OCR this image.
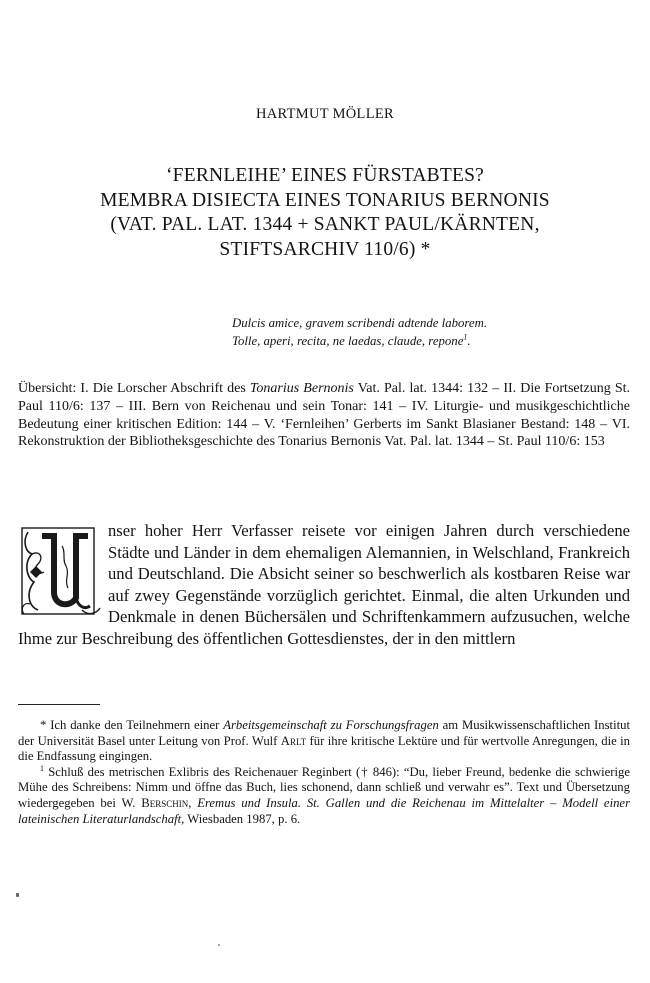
HARTMUT MÖLLER
‘FERNLEIHE’ EINES FÜRSTABTES?
MEMBRA DISIECTA EINES TONARIUS BERNONIS
(VAT. PAL. LAT. 1344 + SANKT PAUL/KÄRNTEN,
STIFTSARCHIV 110/6) *
Dulcis amice, gravem scribendi adtende laborem.
Tolle, aperi, recita, ne laedas, claude, repone$^1$.

Übersicht: I. Die Lorscher Abschrift des Tonarius Bernonis Vat. Pal. lat. 1344: 132 – II. Die Fortsetzung St. Paul 110/6: 137 – III. Bern von Reichenau und sein Tonar: 141 – IV. Liturgie- und musikgeschichtliche Bedeutung einer kritischen Edition: 144 – V. ‘Fernleihen’ Gerberts im Sankt Blasianer Bestand: 148 – VI. Rekonstruktion der Bibliotheksgeschichte des Tonarius Bernonis Vat. Pal. lat. 1344 – St. Paul 110/6: 153

U

nser hoher Herr Verfasser reisete vor einigen Jahren durch verschiedene Städte und Länder in dem ehemaligen Alemannien, in Welschland, Frankreich und Deutschland. Die Absicht seiner so beschwerlich als kostbaren Reise war auf zwey Gegenstände vorzüglich gerichtet. Einmal, die alten Urkunden und Denkmale in denen Büchersälen und Schriftenkammern aufzusuchen, welche Ihme zur Beschreibung des öffentlichen Gottesdienstes, der in den mittlern

* Ich danke den Teilnehmern einer Arbeitsgemeinschaft zu Forschungsfragen am Musikwissenschaftlichen Institut der Universität Basel unter Leitung von Prof. Wulf Arlt für ihre kritische Lektüre und für wertvolle Anregungen, die in die Endfassung eingingen.

$^1$ Schluß des metrischen Exlibris des Reichenauer Reginbert († 846): “Du, lieber Freund, bedenke die schwierige Mühe des Schreibens: Nimm und öffne das Buch, lies schonend, dann schließ und verwahr es”. Text und Übersetzung wiedergegeben bei W. Berschin, Eremus und Insula. St. Gallen und die Reichenau im Mittelalter – Modell einer lateinischen Literaturlandschaft, Wiesbaden 1987, p. 6.
